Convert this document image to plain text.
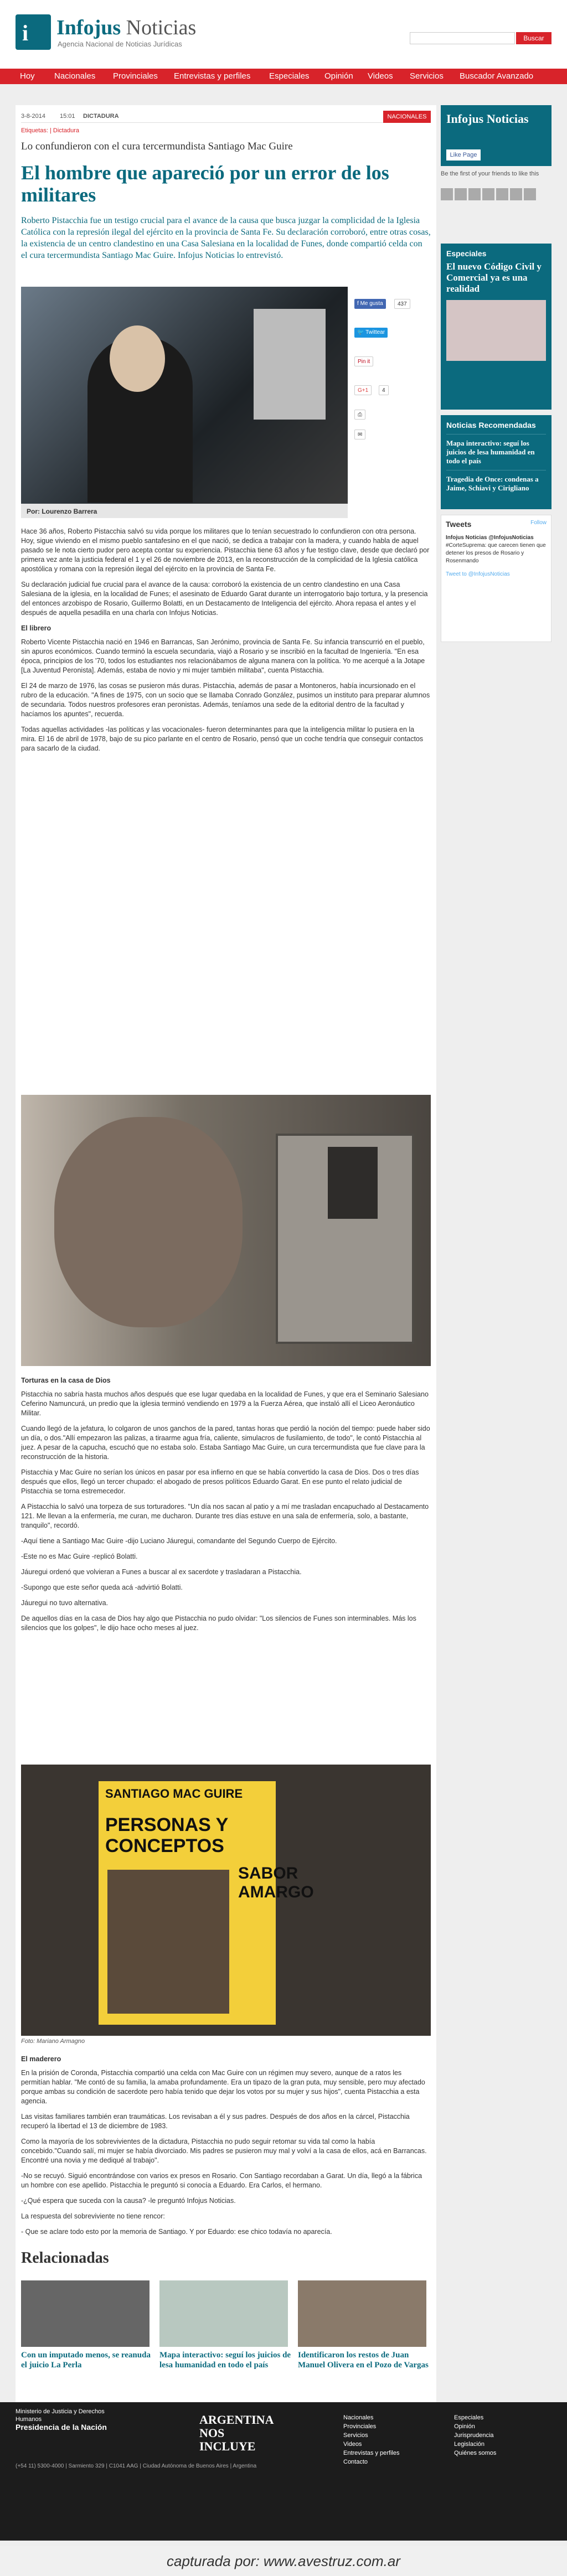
i Infojus Noticias
Agencia Nacional de Noticias Jurídicas
Buscar
Hoy Nacionales Provinciales Entrevistas y perfiles Especiales Opinión Videos Servicios Buscador Avanzado
3-8-2014 15:01 DICTADURA	NACIONALES
Etiquetas: | Dictadura
Lo confundieron con el cura tercermundista Santiago Mac Guire
El hombre que apareció por un error de los militares
Roberto Pistacchia fue un testigo crucial para el avance de la causa que busca juzgar la complicidad de la Iglesia Católica con la represión ilegal del ejército en la provincia de Santa Fe. Su declaración corroboró, entre otras cosas, la existencia de un centro clandestino en una Casa Salesiana en la localidad de Funes, donde compartió celda con el cura tercermundista Santiago Mac Guire. Infojus Noticias lo entrevistó.
Por: Lourenzo Barrera
f Me gusta	437
🐦 Twittear
Pin it
G+1	4
⎙
✉

Hace 36 años, Roberto Pistacchia salvó su vida porque los militares que lo tenían secuestrado lo confundieron con otra persona. Hoy, sigue viviendo en el mismo pueblo santafesino en el que nació, se dedica a trabajar con la madera, y cuando habla de aquel pasado se le nota cierto pudor pero acepta contar su experiencia. Pistacchia tiene 63 años y fue testigo clave, desde que declaró por primera vez ante la justicia federal el 1 y el 26 de noviembre de 2013, en la reconstrucción de la complicidad de la Iglesia católica apostólica y romana con la represión ilegal del ejército en la provincia de Santa Fe.

Su declaración judicial fue crucial para el avance de la causa: corroboró la existencia de un centro clandestino en una Casa Salesiana de la iglesia, en la localidad de Funes; el asesinato de Eduardo Garat durante un interrogatorio bajo tortura, y la presencia del entonces arzobispo de Rosario, Guillermo Bolatti, en un Destacamento de Inteligencia del ejército. Ahora repasa el antes y el después de aquella pesadilla en una charla con Infojus Noticias.

El librero

Roberto Vicente Pistacchia nació en 1946 en Barrancas, San Jerónimo, provincia de Santa Fe. Su infancia transcurrió en el pueblo, sin apuros económicos. Cuando terminó la escuela secundaria, viajó a Rosario y se inscribió en la facultad de Ingeniería. "En esa época, principios de los '70, todos los estudiantes nos relacionábamos de alguna manera con la política. Yo me acerqué a la Jotape [La Juventud Peronista]. Además, estaba de novio y mi mujer también militaba", cuenta Pistacchia.

El 24 de marzo de 1976, las cosas se pusieron más duras. Pistacchia, además de pasar a Montoneros, había incursionado en el rubro de la educación. "A fines de 1975, con un socio que se llamaba Conrado González, pusimos un instituto para preparar alumnos de secundaria. Todos nuestros profesores eran peronistas. Además, teníamos una sede de la editorial dentro de la facultad y hacíamos los apuntes", recuerda.

Todas aquellas actividades -las políticas y las vocacionales- fueron determinantes para que la inteligencia militar lo pusiera en la mira. El 16 de abril de 1978, bajo de su pico parlante en el centro de Rosario, pensó que un coche tendría que conseguir contactos para sacarlo de la ciudad.

Torturas en la casa de Dios

Pistacchia no sabría hasta muchos años después que ese lugar quedaba en la localidad de Funes, y que era el Seminario Salesiano Ceferino Namuncurá, un predio que la iglesia terminó vendiendo en 1979 a la Fuerza Aérea, que instaló allí el Liceo Aeronáutico Militar.

Cuando llegó de la jefatura, lo colgaron de unos ganchos de la pared, tantas horas que perdió la noción del tiempo: puede haber sido un día, o dos."Allí empezaron las palizas, a tiraarme agua fría, caliente, simulacros de fusilamiento, de todo", le contó Pistacchia al juez. A pesar de la capucha, escuchó que no estaba solo. Estaba Santiago Mac Guire, un cura tercermundista que fue clave para la reconstrucción de la historia.

Pistacchia y Mac Guire no serían los únicos en pasar por esa infierno en que se había convertido la casa de Dios. Dos o tres días después que ellos, llegó un tercer chupado: el abogado de presos políticos Eduardo Garat. En ese punto el relato judicial de Pistacchia se torna estremecedor.

A Pistacchia lo salvó una torpeza de sus torturadores. "Un día nos sacan al patio y a mí me trasladan encapuchado al Destacamento 121. Me llevan a la enfermería, me curan, me ducharon. Durante tres días estuve en una sala de enfermería, solo, a bastante, tranquilo", recordó.

-Aquí tiene a Santiago Mac Guire -dijo Luciano Jáuregui, comandante del Segundo Cuerpo de Ejército.

-Este no es Mac Guire -replicó Bolatti.

Jáuregui ordenó que volvieran a Funes a buscar al ex sacerdote y trasladaran a Pistacchia.

-Supongo que este señor queda acá -advirtió Bolatti.

Jáuregui no tuvo alternativa.

De aquellos días en la casa de Dios hay algo que Pistacchia no pudo olvidar: "Los silencios de Funes son interminables. Más los silencios que los golpes", le dijo hace ocho meses al juez.

SANTIAGO MAC GUIRE
PERSONAS Y CONCEPTOS
SABOR AMARGO
Foto: Mariano Armagno
El maderero

En la prisión de Coronda, Pistacchia compartió una celda con Mac Guire con un régimen muy severo, aunque de a ratos les permitían hablar. "Me contó de su familia, la amaba profundamente. Era un tipazo de la gran puta, muy sensible, pero muy afectado porque ambas su condición de sacerdote pero había tenido que dejar los votos por su mujer y sus hijos", cuenta Pistacchia a esta agencia.

Las visitas familiares también eran traumáticas. Los revisaban a él y sus padres. Después de dos años en la cárcel, Pistacchia recuperó la libertad el 13 de diciembre de 1983.

Como la mayoría de los sobrevivientes de la dictadura, Pistacchia no pudo seguir retomar su vida tal como la había concebido."Cuando salí, mi mujer se había divorciado. Mis padres se pusieron muy mal y volví a la casa de ellos, acá en Barrancas. Encontré una novia y me dediqué al trabajo".

-No se recuyó. Siguió encontrándose con varios ex presos en Rosario. Con Santiago recordaban a Garat. Un día, llegó a la fábrica un hombre con ese apellido. Pistacchia le preguntó si conocía a Eduardo. Era Carlos, el hermano.

-¿Qué espera que suceda con la causa? -le preguntó Infojus Noticias.

La respuesta del sobreviviente no tiene rencor:

- Que se aclare todo esto por la memoria de Santiago. Y por Eduardo: ese chico todavía no aparecía.

Relacionadas
Con un imputado menos, se reanuda el juicio La Perla
Mapa interactivo: seguí los juicios de lesa humanidad en todo el país
Identificaron los restos de Juan Manuel Olivera en el Pozo de Vargas
Infojus Noticias
Like Page
Be the first of your friends to like this
Especiales
El nuevo Código Civil y Comercial ya es una realidad
Noticias Recomendadas
Mapa interactivo: seguí los juicios de lesa humanidad en todo el país
Tragedia de Once: condenas a Jaime, Schiavi y Cirigliano
Tweets	Follow
Infojus Noticias @InfojusNoticias
#CorteSuprema: que carecen tienen que detener los presos de Rosario y Rosenmando
Tweet to @InfojusNoticias
Ministerio de Justicia y Derechos Humanos
Presidencia de la Nación
ARGENTINA NOS INCLUYE
Nacionales
Provinciales
Servicios
Videos
Entrevistas y perfiles
Contacto
Especiales
Opinión
Jurisprudencia
Legislación
Quiénes somos
(+54 11) 5300-4000 | Sarmiento 329 | C1041 AAG | Ciudad Autónoma de Buenos Aires | Argentina
capturada por: www.avestruz.com.ar
